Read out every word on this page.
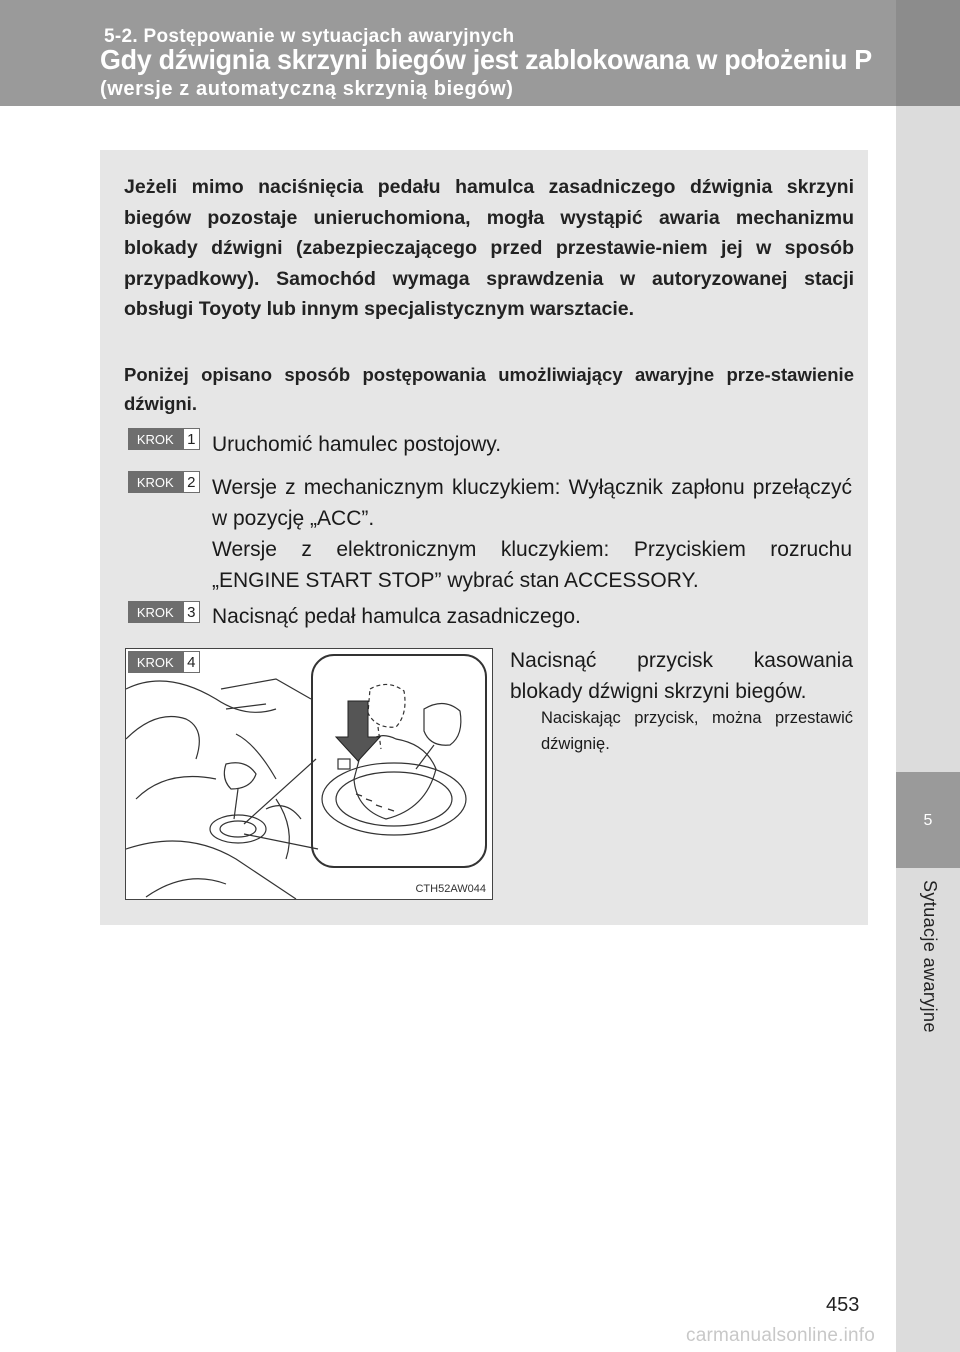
5-2. Postępowanie w sytuacjach awaryjnych
Gdy dźwignia skrzyni biegów jest zablokowana w położeniu P
(wersje z automatyczną skrzynią biegów)
5
Sytuacje awaryjne
Jeżeli mimo naciśnięcia pedału hamulca zasadniczego dźwignia skrzyni biegów pozostaje unieruchomiona, mogła wystąpić awaria mechanizmu blokady dźwigni (zabezpieczającego przed przestawie-niem jej w sposób przypadkowy). Samochód wymaga sprawdzenia w autoryzowanej stacji obsługi Toyoty lub innym specjalistycznym warsztacie.
Poniżej opisano sposób postępowania umożliwiający awaryjne prze-stawienie dźwigni.
KROK 1 Uruchomić hamulec postojowy.
KROK 2 Wersje z mechanicznym kluczykiem: Wyłącznik zapłonu przełączyć w pozycję „ACC”.
Wersje z elektronicznym kluczykiem: Przyciskiem rozruchu „ENGINE START STOP” wybrać stan ACCESSORY.
KROK 3 Nacisnąć pedał hamulca zasadniczego.
KROK 4
CTH52AW044
Nacisnąć przycisk kasowania blokady dźwigni skrzyni biegów.
Naciskając przycisk, można przestawić dźwignię.
453
carmanualsonline.info
